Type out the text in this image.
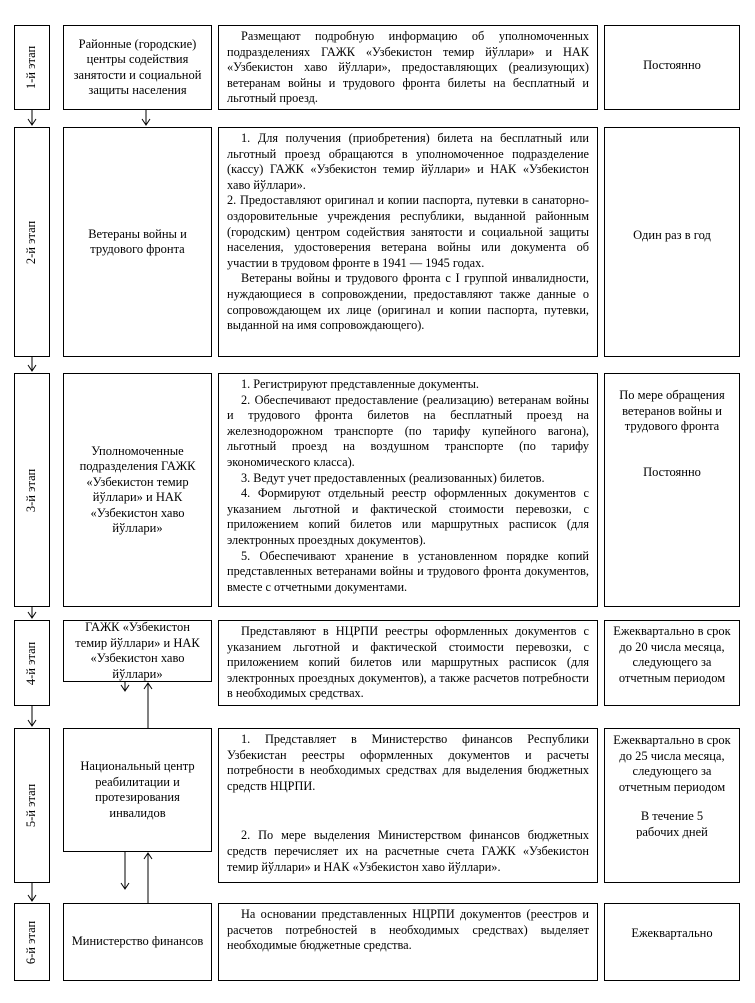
1-й этап
Районные (городские) центры содействия занятости и социальной защиты населения

Размещают подробную информацию об уполномоченных подразделениях ГАЖК «Узбекистон темир йўллари» и НАК «Узбекистон хаво йўллари», предоставляющих (реализующих) ветеранам войны и трудового фронта билеты на бесплатный и льготный проезд.

Постоянно

2-й этап	Ветераны войны и трудового фронта

1. Для получения (приобретения) билета на бесплатный или льготный проезд обращаются в уполномоченное подразделение (кассу) ГАЖК «Узбекистон темир йўллари» и НАК «Узбекистон хаво йўллари».

2. Предоставляют оригинал и копии паспорта, путевки в санаторно-оздоровительные учреждения республики, выданной районным (городским) центром содействия занятости и социальной защиты населения, удостоверения ветерана войны или документа об участии в трудовом фронте в 1941 — 1945 годах.

Ветераны войны и трудового фронта с I группой инвалидности, нуждающиеся в сопровождении, предоставляют также данные о сопровождающем их лице (оригинал и копии паспорта, путевки, выданной на имя сопровождающего).

Один раз в год

3-й этап
Уполномоченные подразделения ГАЖК «Узбекистон темир йўллари» и НАК «Узбекистон хаво йўллари»

1. Регистрируют представленные документы.

2. Обеспечивают предоставление (реализацию) ветеранам войны и трудового фронта билетов на бесплатный проезд на железнодорожном транспорте (по тарифу купейного вагона), льготный проезд на воздушном транспорте (по тарифу экономического класса).

3. Ведут учет предоставленных (реализованных) билетов.

4. Формируют отдельный реестр оформленных документов с указанием льготной и фактической стоимости перевозки, с приложением копий билетов или маршрутных расписок (для электронных проездных документов).

5. Обеспечивают хранение в установленном порядке копий представленных ветеранами войны и трудового фронта документов, вместе с отчетными документами.

По мере обращения ветеранов войны и трудового фронта

Постоянно

4-й этап
ГАЖК «Узбекистон темир йўллари» и НАК «Узбекистон хаво йўллари»

Представляют в НЦРПИ реестры оформленных документов с указанием льготной и фактической стоимости перевозки, с приложением копий билетов или маршрутных расписок (для электронных проездных документов), а также расчетов потребности в необходимых средствах.

Ежеквартально в срок до 20 числа месяца, следующего за отчетным периодом

5-й этап
Национальный центр реабилитации и протезирования инвалидов

1. Представляет в Министерство финансов Республики Узбекистан реестры оформленных документов и расчеты потребности в необходимых средствах для выделения бюджетных средств НЦРПИ.

2. По мере выделения Министерством финансов бюджетных средств перечисляет их на расчетные счета ГАЖК «Узбекистон темир йўллари» и НАК «Узбекистон хаво йўллари».

Ежеквартально в срок до 25 числа месяца, следующего за отчетным периодом

В течение 5 рабочих дней

6-й этап	Министерство финансов

На основании представленных НЦРПИ документов (реестров и расчетов потребностей в необходимых средствах) выделяет необходимые бюджетные средства.

Ежеквартально
